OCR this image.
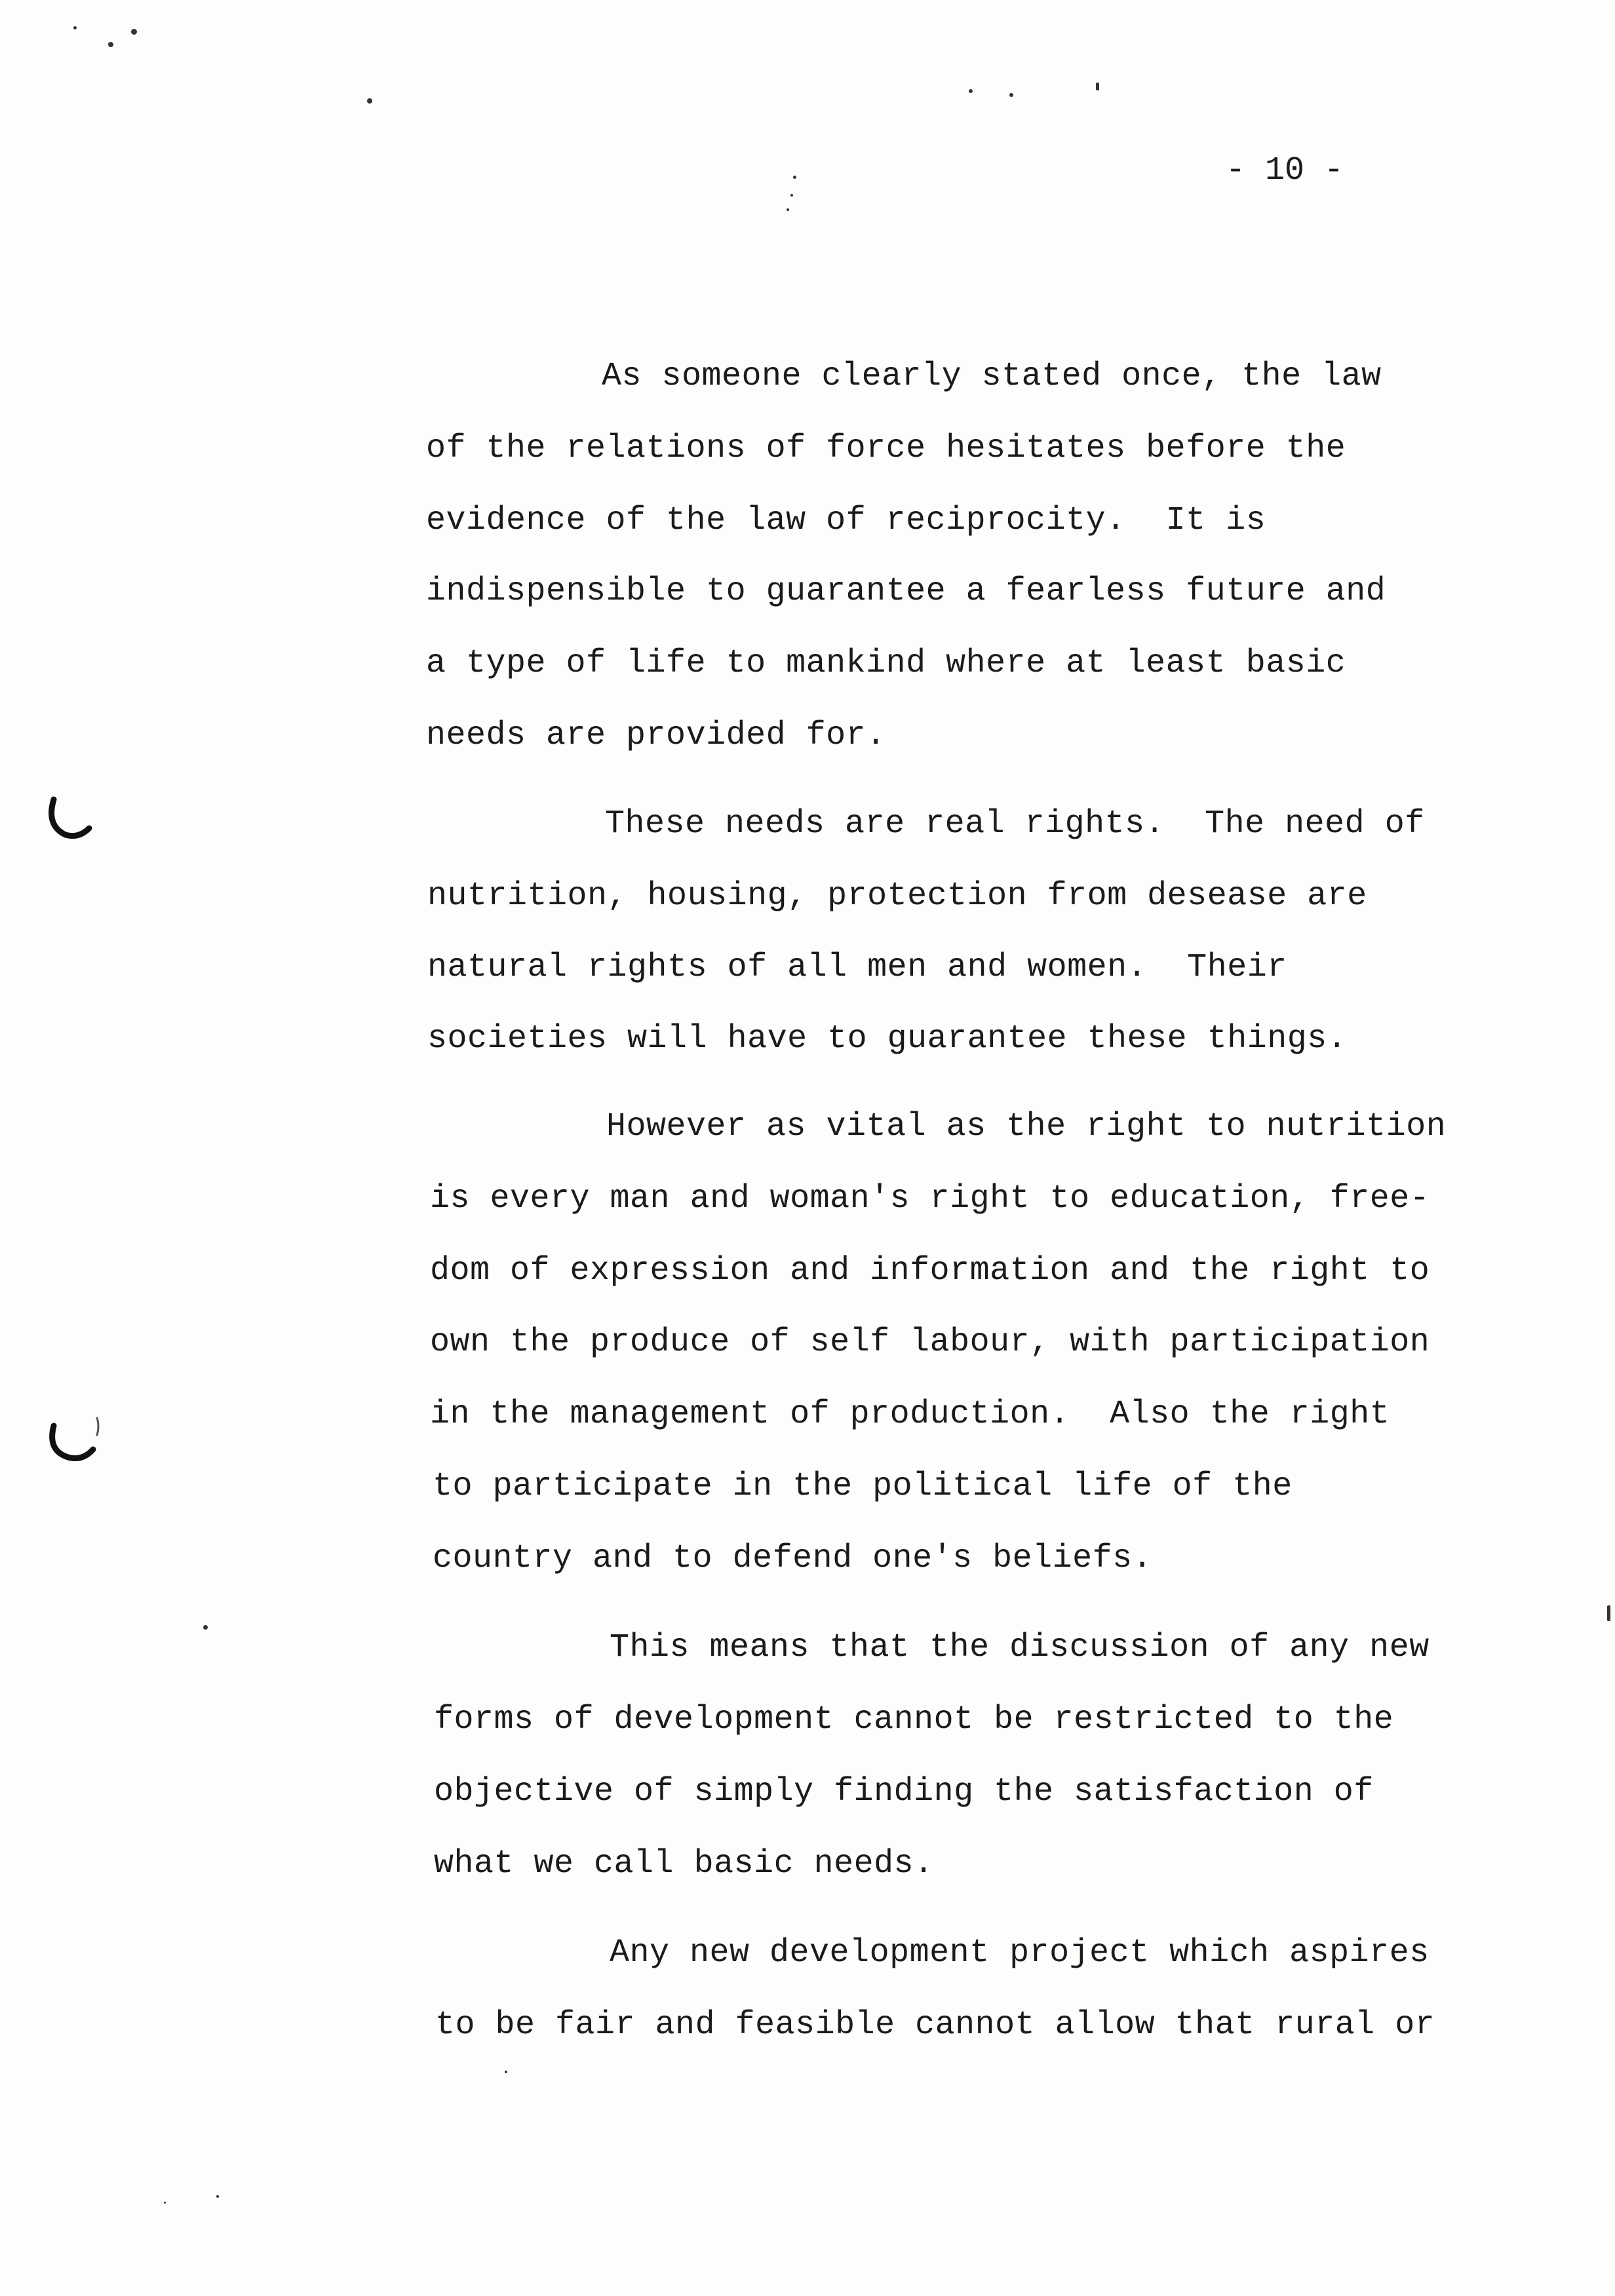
- 10 -
As someone clearly stated once, the law
of the relations of force hesitates before the
evidence of the law of reciprocity.  It is
indispensible to guarantee a fearless future and
a type of life to mankind where at least basic
needs are provided for.
These needs are real rights.  The need of
nutrition, housing, protection from desease are
natural rights of all men and women.  Their
societies will have to guarantee these things.
However as vital as the right to nutrition
is every man and woman's right to education, free-
dom of expression and information and the right to
own the produce of self labour, with participation
in the management of production.  Also the right
to participate in the political life of the
country and to defend one's beliefs.
This means that the discussion of any new
forms of development cannot be restricted to the
objective of simply finding the satisfaction of
what we call basic needs.
Any new development project which aspires
to be fair and feasible cannot allow that rural or
